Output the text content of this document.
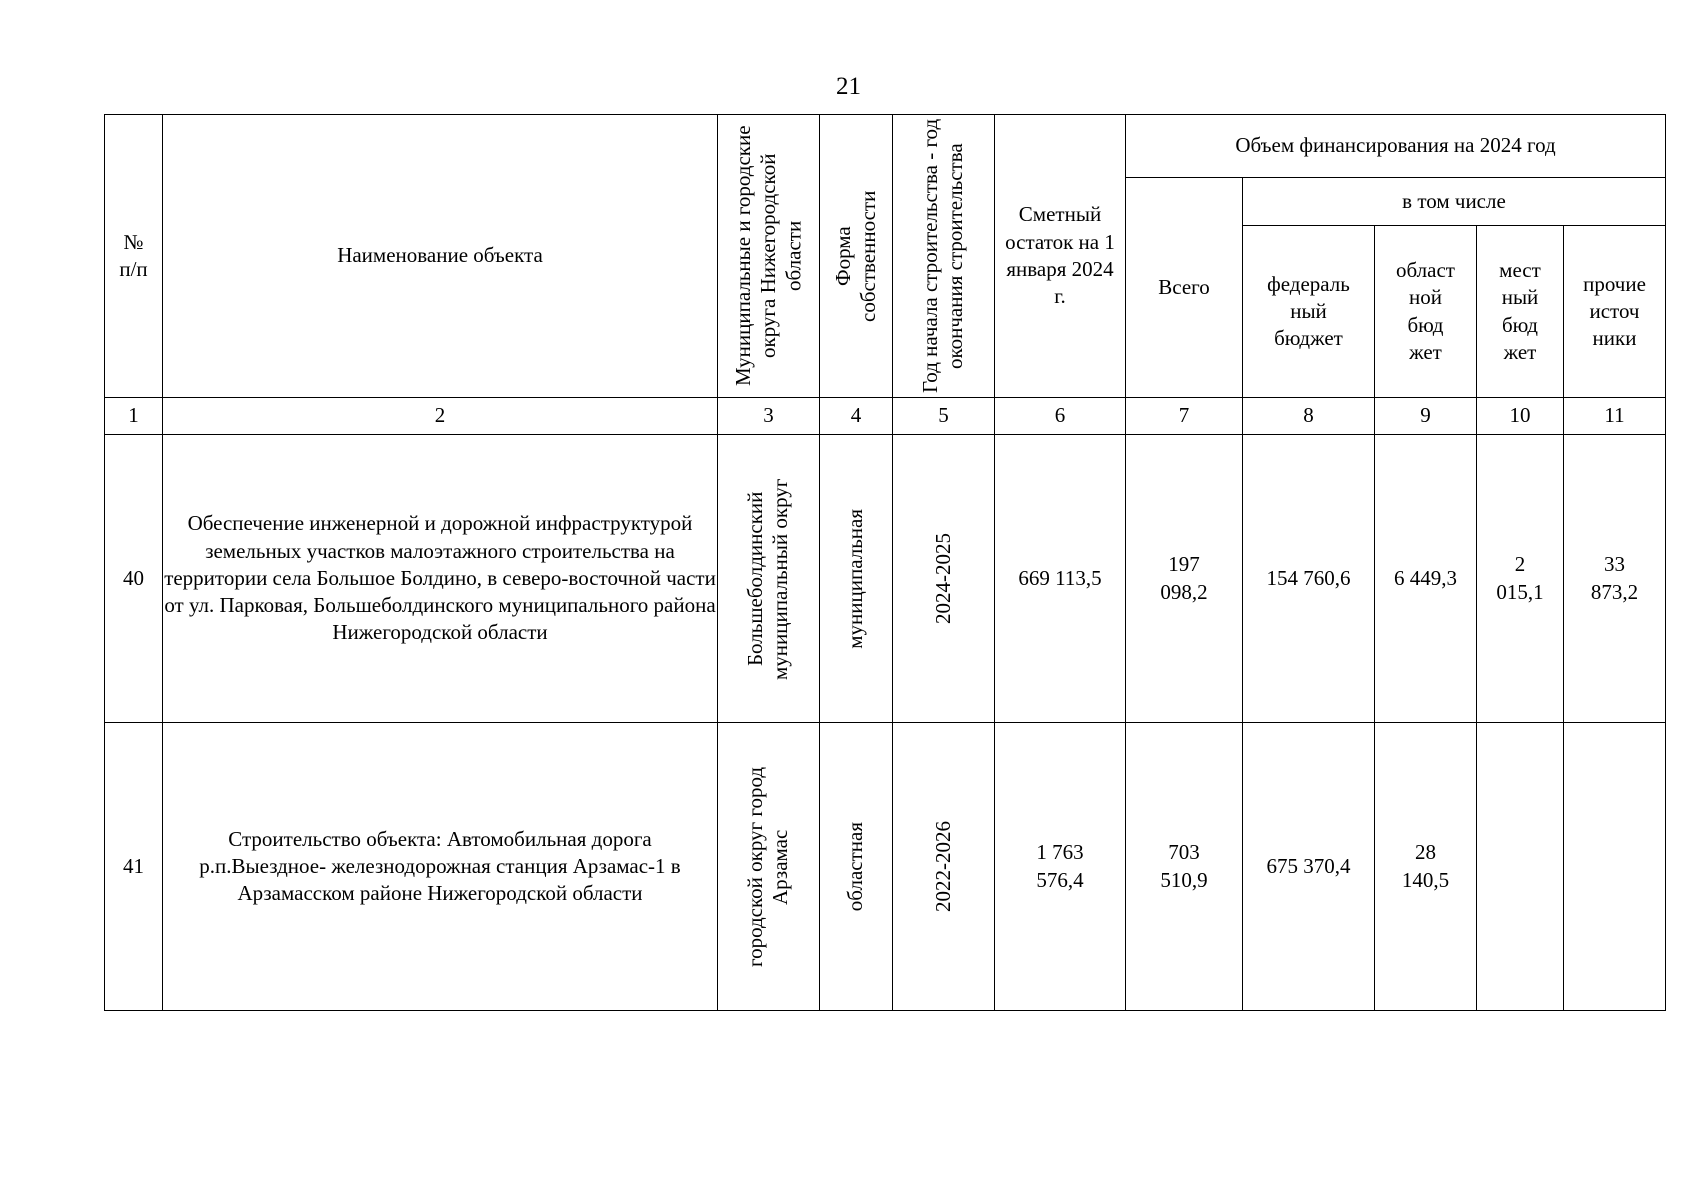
21
№ п/п	Наименование объекта	Муниципальные и городские округа Нижегородской области	Форма собственности	Год начала строительства - год окончания строительства	Сметный остаток на 1 января 2024 г.	Объем финансирования на 2024 год				
						Всего	в том числе			
							федераль ный бюджет	област ной бюд жет	мест ный бюд жет	прочие источ ники
1	2	3	4	5	6	7	8	9	10	11
40	Обеспечение инженерной и дорожной инфраструктурой земельных участков малоэтажного строительства на территории села Большое Болдино, в северо-восточной части от ул. Парковая, Большеболдинского муниципального района Нижегородской области	Большеболдинский муниципальный округ	муниципальная	2024-2025	669 113,5	197 098,2	154 760,6	6 449,3	2 015,1	33 873,2
41	Строительство объекта: Автомобильная дорога р.п.Выездное- железнодорожная станция Арзамас-1 в Арзамасском районе Нижегородской области	городской округ город Арзамас	областная	2022-2026	1 763 576,4	703 510,9	675 370,4	28 140,5		
